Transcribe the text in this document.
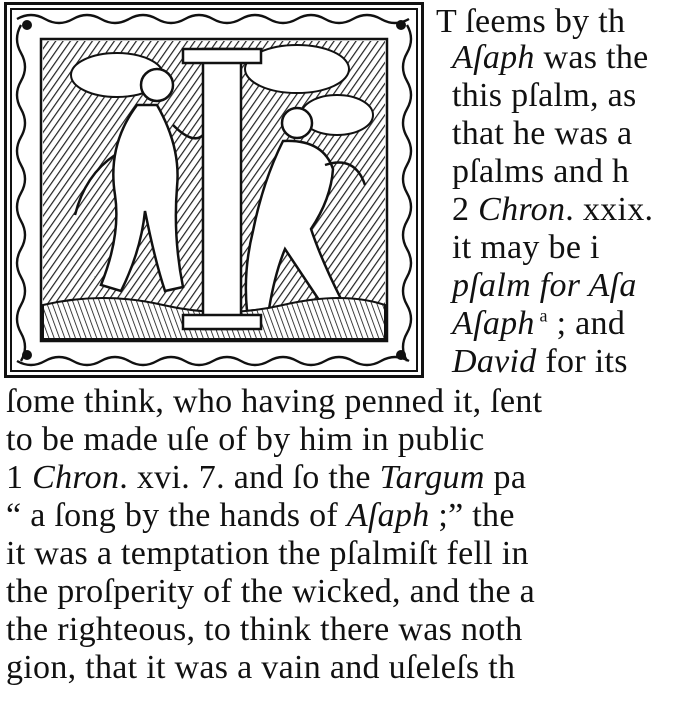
I
T ſeems by th
Aſaph was the
this pſalm, as
that he was a
pſalms and h
2 Chron. xxix.
it may be i
pſalm for Aſa
Aſaph $^a$ ; and
David for its
ſome think, who having penned it, ſent
to be made uſe of by him in public
1 Chron. xvi. 7. and ſo the Targum pa
“ a ſong by the hands of Aſaph ;” the
it was a temptation the pſalmiſt fell in
the proſperity of the wicked, and the a
the righteous, to think there was noth
gion, that it was a vain and uſeleſs th
